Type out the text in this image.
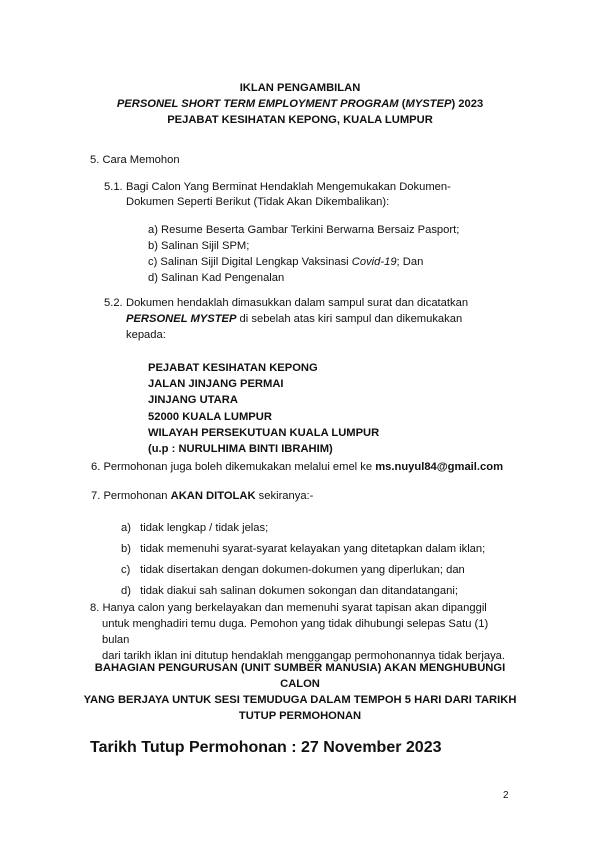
IKLAN PENGAMBILAN
PERSONEL SHORT TERM EMPLOYMENT PROGRAM (MYSTEP) 2023
PEJABAT KESIHATAN KEPONG, KUALA LUMPUR
5. Cara Memohon
5.1. Bagi Calon Yang Berminat Hendaklah Mengemukakan Dokumen-
Dokumen Seperti Berikut (Tidak Akan Dikembalikan):
a) Resume Beserta Gambar Terkini Berwarna Bersaiz Pasport;
b) Salinan Sijil SPM;
c) Salinan Sijil Digital Lengkap Vaksinasi Covid-19; Dan
d) Salinan Kad Pengenalan
5.2. Dokumen hendaklah dimasukkan dalam sampul surat dan dicatatkan
PERSONEL MYSTEP di sebelah atas kiri sampul dan dikemukakan
kepada:
PEJABAT KESIHATAN KEPONG
JALAN JINJANG PERMAI
JINJANG UTARA
52000 KUALA LUMPUR
WILAYAH PERSEKUTUAN KUALA LUMPUR
(u.p : NURULHIMA BINTI IBRAHIM)
6. Permohonan juga boleh dikemukakan melalui emel ke ms.nuyul84@gmail.com
7. Permohonan AKAN DITOLAK sekiranya:-
a) tidak lengkap / tidak jelas;
b) tidak memenuhi syarat-syarat kelayakan yang ditetapkan dalam iklan;
c) tidak disertakan dengan dokumen-dokumen yang diperlukan; dan
d) tidak diakui sah salinan dokumen sokongan dan ditandatangani;
8. Hanya calon yang berkelayakan dan memenuhi syarat tapisan akan dipanggil
untuk menghadiri temu duga. Pemohon yang tidak dihubungi selepas Satu (1) bulan
dari tarikh iklan ini ditutup hendaklah menggangap permohonannya tidak berjaya.
BAHAGIAN PENGURUSAN (UNIT SUMBER MANUSIA) AKAN MENGHUBUNGI CALON
YANG BERJAYA UNTUK SESI TEMUDUGA DALAM TEMPOH 5 HARI DARI TARIKH
TUTUP PERMOHONAN
Tarikh Tutup Permohonan : 27 November 2023
2
